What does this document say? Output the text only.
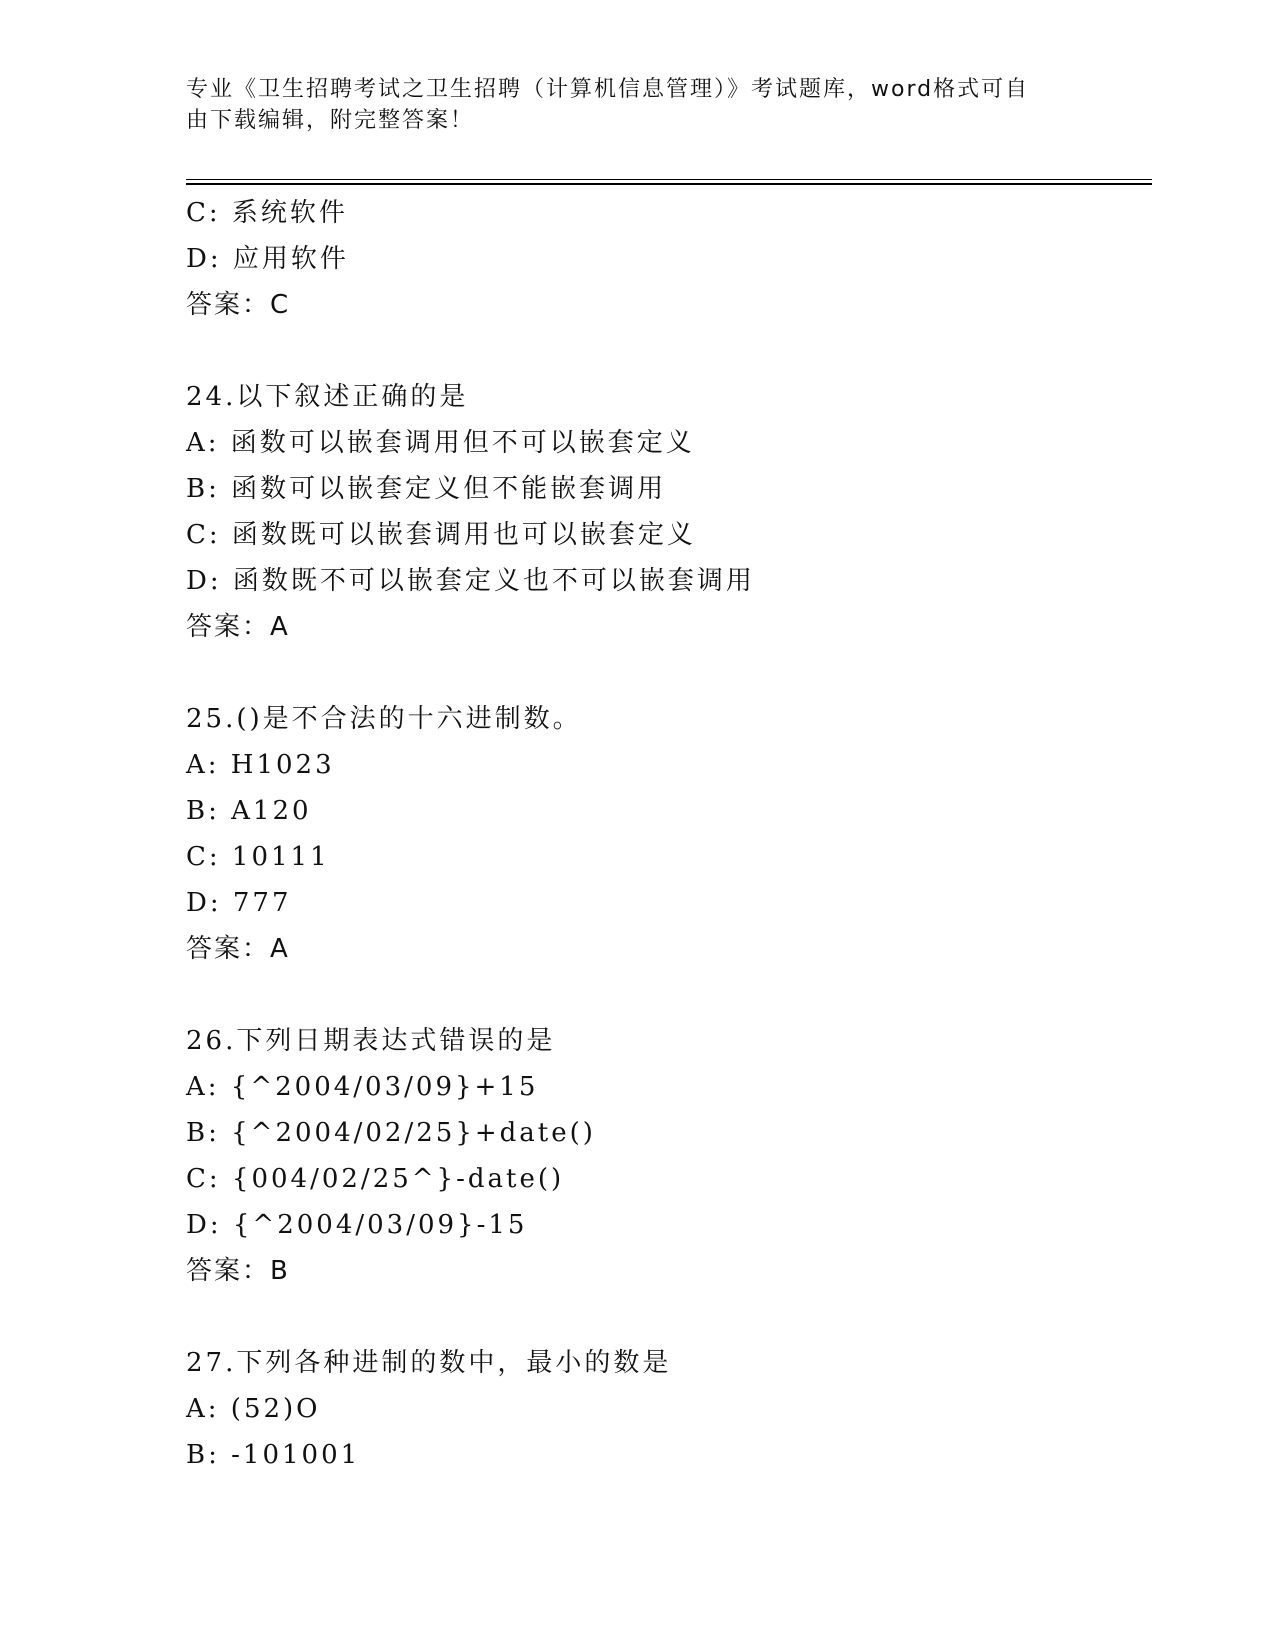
专业《卫生招聘考试之卫生招聘（计算机信息管理）》考试题库，word格式可自
由下载编辑，附完整答案！
C: 系统软件
D: 应用软件
答案：C
24.以下叙述正确的是
A: 函数可以嵌套调用但不可以嵌套定义
B: 函数可以嵌套定义但不能嵌套调用
C: 函数既可以嵌套调用也可以嵌套定义
D: 函数既不可以嵌套定义也不可以嵌套调用
答案：A
25.()是不合法的十六进制数。
A: H1023
B: A120
C: 10111
D: 777
答案：A
26.下列日期表达式错误的是
A: {^2004/03/09}+15
B: {^2004/02/25}+date()
C: {004/02/25^}-date()
D: {^2004/03/09}-15
答案：B
27.下列各种进制的数中，最小的数是
A: (52)O
B: -101001
